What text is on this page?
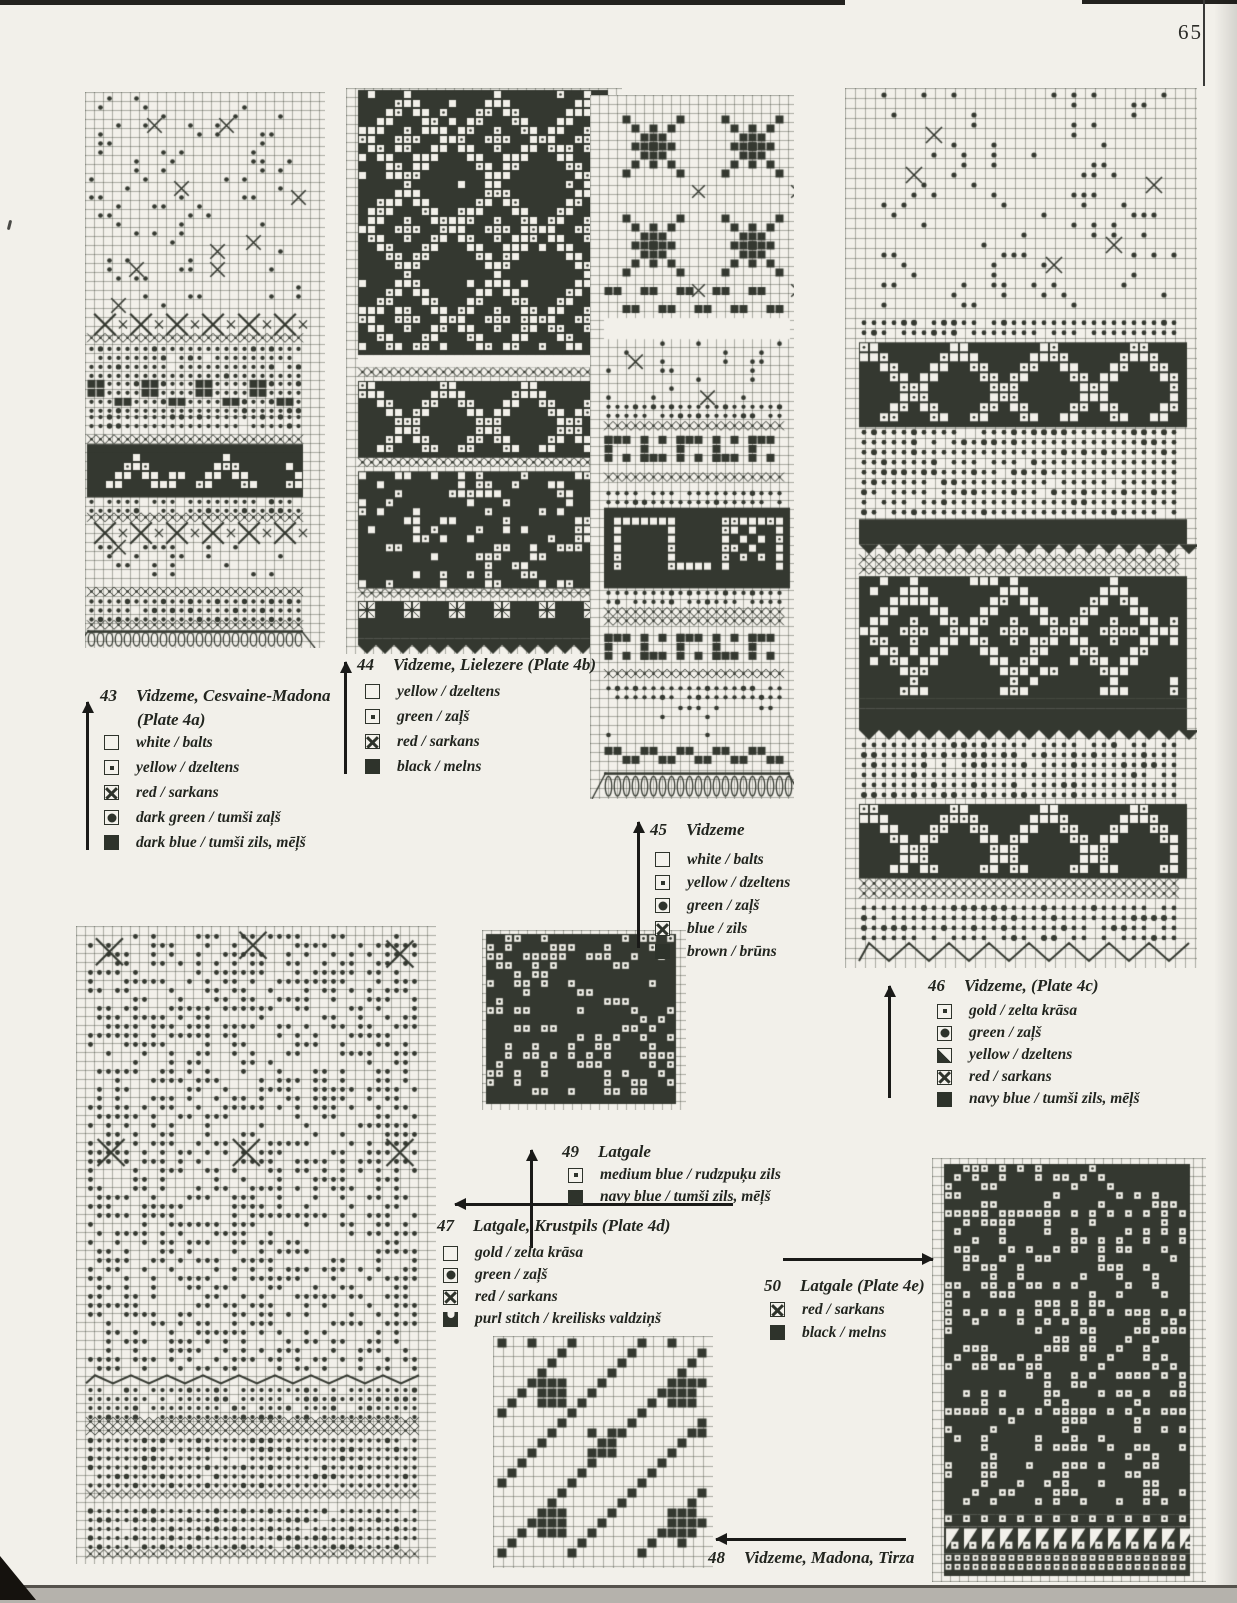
65
43 Vidzeme, Cesvaine-Madona
(Plate 4a)
44 Vidzeme, Lielezere (Plate 4b)
45 Vidzeme
46 Vidzeme, (Plate 4c)
47 Latgale, Krustpils (Plate 4d)
48 Vidzeme, Madona, Tirza
49 Latgale
50 Latgale (Plate 4e)
white / balts
yellow / dzeltens
red / sarkans
dark green / tumši zaļš
dark blue / tumši zils, mēļš
yellow / dzeltens
green / zaļš
red / sarkans
black / melns
white / balts
yellow / dzeltens
green / zaļš
blue / zils
brown / brūns
gold / zelta krāsa
green / zaļš
yellow / dzeltens
red / sarkans
navy blue / tumši zils, mēļš
gold / zelta krāsa
green / zaļš
red / sarkans
purl stitch / kreilisks valdziņš
medium blue / rudzpuķu zils
navy blue / tumši zils, mēļš
red / sarkans
black / melns
